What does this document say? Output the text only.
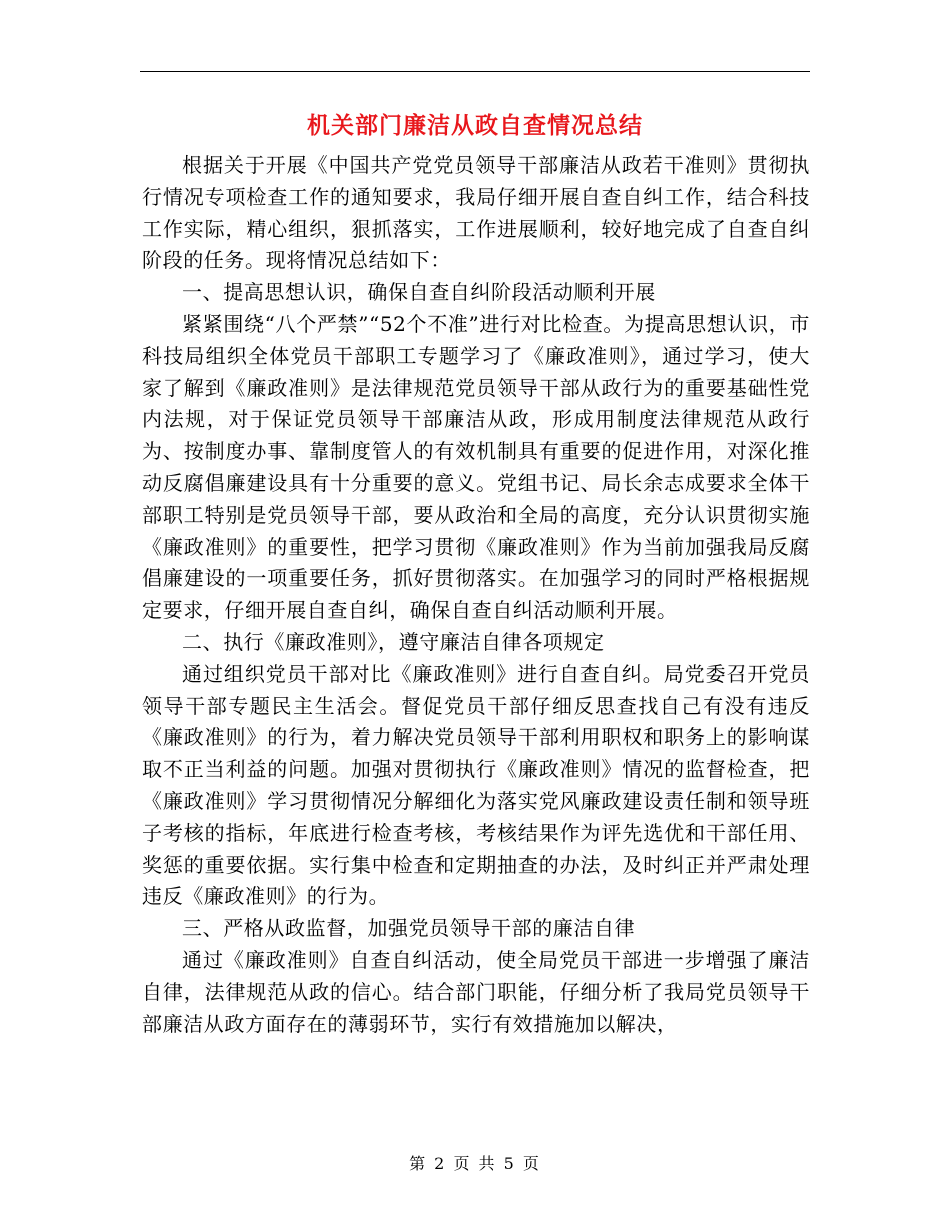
机关部门廉洁从政自查情况总结

根据关于开展《中国共产党党员领导干部廉洁从政若干准则》贯彻执行情况专项检查工作的通知要求，我局仔细开展自查自纠工作，结合科技工作实际，精心组织，狠抓落实，工作进展顺利，较好地完成了自查自纠阶段的任务。现将情况总结如下：

一、提高思想认识，确保自查自纠阶段活动顺利开展

紧紧围绕“八个严禁”“52个不准”进行对比检查。为提高思想认识，市科技局组织全体党员干部职工专题学习了《廉政准则》，通过学习，使大家了解到《廉政准则》是法律规范党员领导干部从政行为的重要基础性党内法规，对于保证党员领导干部廉洁从政，形成用制度法律规范从政行为、按制度办事、靠制度管人的有效机制具有重要的促进作用，对深化推动反腐倡廉建设具有十分重要的意义。党组书记、局长余志成要求全体干部职工特别是党员领导干部，要从政治和全局的高度，充分认识贯彻实施《廉政准则》的重要性，把学习贯彻《廉政准则》作为当前加强我局反腐倡廉建设的一项重要任务，抓好贯彻落实。在加强学习的同时严格根据规定要求，仔细开展自查自纠，确保自查自纠活动顺利开展。

二、执行《廉政准则》，遵守廉洁自律各项规定

通过组织党员干部对比《廉政准则》进行自查自纠。局党委召开党员领导干部专题民主生活会。督促党员干部仔细反思查找自己有没有违反《廉政准则》的行为，着力解决党员领导干部利用职权和职务上的影响谋取不正当利益的问题。加强对贯彻执行《廉政准则》情况的监督检查，把《廉政准则》学习贯彻情况分解细化为落实党风廉政建设责任制和领导班子考核的指标，年底进行检查考核，考核结果作为评先选优和干部任用、奖惩的重要依据。实行集中检查和定期抽查的办法，及时纠正并严肃处理违反《廉政准则》的行为。

三、严格从政监督，加强党员领导干部的廉洁自律

通过《廉政准则》自查自纠活动，使全局党员干部进一步增强了廉洁自律，法律规范从政的信心。结合部门职能，仔细分析了我局党员领导干部廉洁从政方面存在的薄弱环节，实行有效措施加以解决，

第 2 页 共 5 页
